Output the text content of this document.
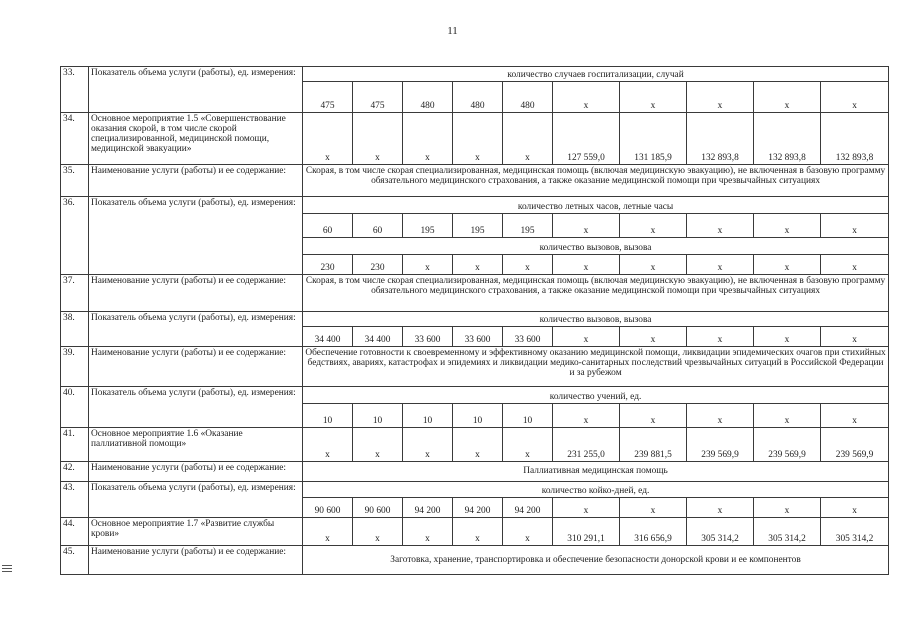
11
33.	Показатель объема услуги (работы), ед. измерения:	количество случаев госпитализации, случай									
		475	475	480	480	480	х	х	х	х	х
34.	Основное мероприятие 1.5 «Совершенствование оказания скорой, в том числе скорой специализированной, медицинской помощи, медицинской эвакуации»	х	х	х	х	х	127 559,0	131 185,9	132 893,8	132 893,8	132 893,8
35.	Наименование услуги (работы) и ее содержание:	Скорая, в том числе скорая специализированная, медицинская помощь (включая медицинскую эвакуацию), не включенная в базовую программу обязательного медицинского страхования, а также оказание медицинской помощи при чрезвычайных ситуациях									
36.	Показатель объема услуги (работы), ед. измерения:	количество летных часов, летные часы									
		60	60	195	195	195	х	х	х	х	х
		количество вызовов, вызова									
		230	230	х	х	х	х	х	х	х	х
37.	Наименование услуги (работы) и ее содержание:	Скорая, в том числе скорая специализированная, медицинская помощь (включая медицинскую эвакуацию), не включенная в базовую программу обязательного медицинского страхования, а также оказание медицинской помощи при чрезвычайных ситуациях									
38.	Показатель объема услуги (работы), ед. измерения:	количество вызовов, вызова									
		34 400	34 400	33 600	33 600	33 600	х	х	х	х	х
39.	Наименование услуги (работы) и ее содержание:	Обеспечение готовности к своевременному и эффективному оказанию медицинской помощи, ликвидации эпидемических очагов при стихийных бедствиях, авариях, катастрофах и эпидемиях и ликвидации медико-санитарных последствий чрезвычайных ситуаций в Российской Федерации и за рубежом									
40.	Показатель объема услуги (работы), ед. измерения:	количество учений, ед.									
		10	10	10	10	10	х	х	х	х	х
41.	Основное мероприятие 1.6 «Оказание паллиативной помощи»	х	х	х	х	х	231 255,0	239 881,5	239 569,9	239 569,9	239 569,9
42.	Наименование услуги (работы) и ее содержание:	Паллиативная медицинская помощь									
43.	Показатель объема услуги (работы), ед. измерения:	количество койко-дней, ед.									
		90 600	90 600	94 200	94 200	94 200	х	х	х	х	х
44.	Основное мероприятие 1.7 «Развитие службы крови»	х	х	х	х	х	310 291,1	316 656,9	305 314,2	305 314,2	305 314,2
45.	Наименование услуги (работы) и ее содержание:	Заготовка, хранение, транспортировка и обеспечение безопасности донорской крови и ее компонентов									
